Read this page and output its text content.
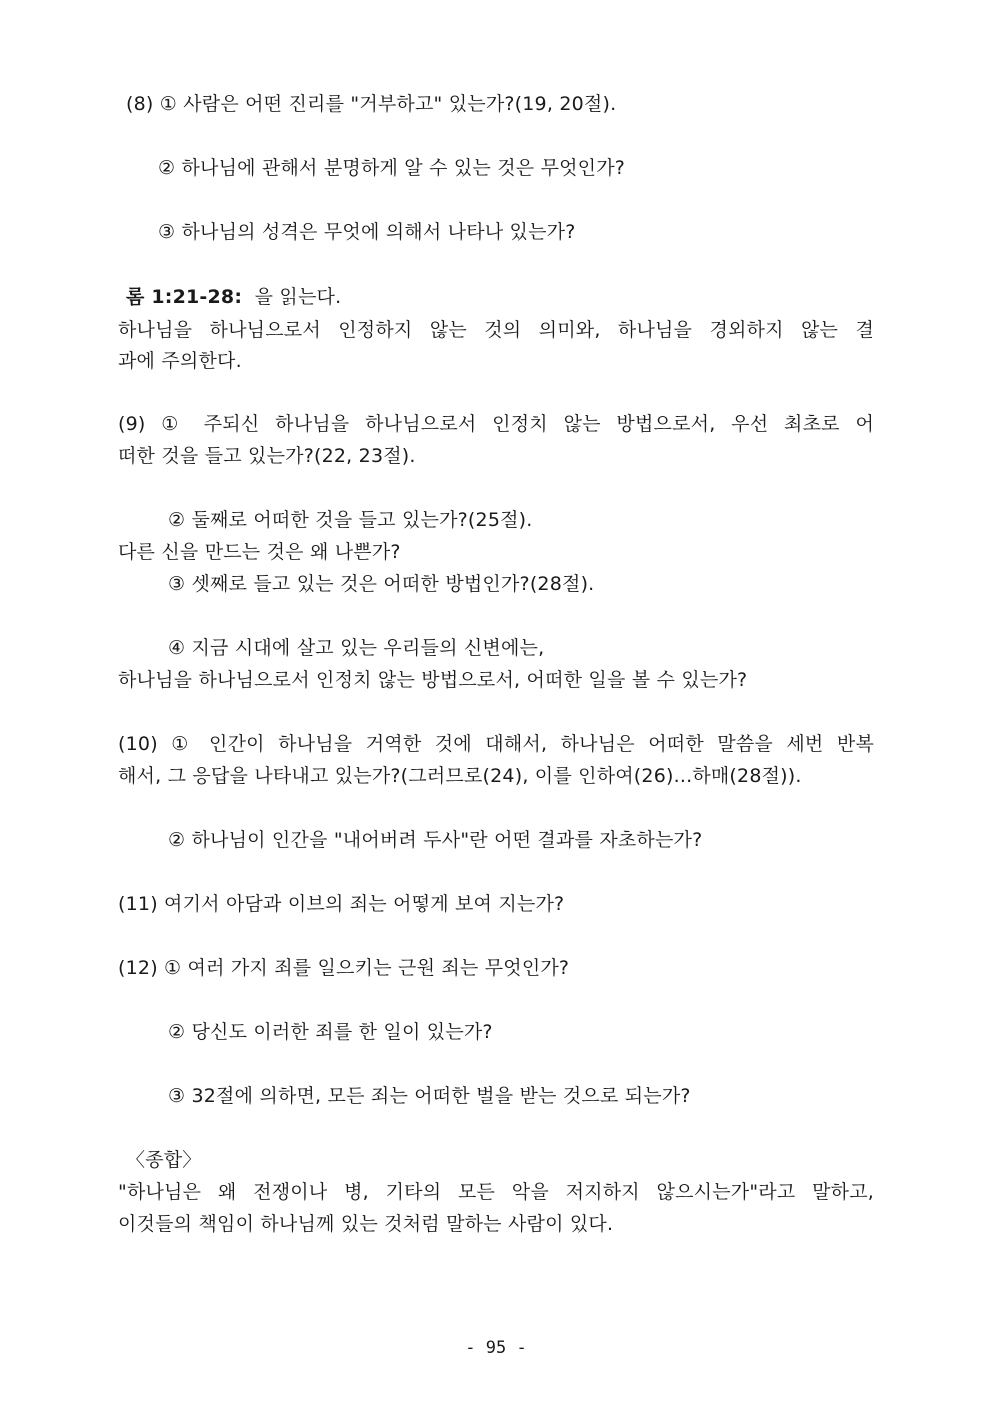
(8) ① 사람은 어떤 진리를 "거부하고" 있는가?(19, 20절).
② 하나님에 관해서 분명하게 알 수 있는 것은 무엇인가?
③ 하나님의 성격은 무엇에 의해서 나타나 있는가?
롬 1:21-28: 을 읽는다.
하나님을 하나님으로서 인정하지 않는 것의 의미와, 하나님을 경외하지 않는 결
과에 주의한다.
(9) ① 주되신 하나님을 하나님으로서 인정치 않는 방법으로서, 우선 최초로 어
떠한 것을 들고 있는가?(22, 23절).
② 둘째로 어떠한 것을 들고 있는가?(25절).
다른 신을 만드는 것은 왜 나쁜가?
③ 셋째로 들고 있는 것은 어떠한 방법인가?(28절).
④ 지금 시대에 살고 있는 우리들의 신변에는,
하나님을 하나님으로서 인정치 않는 방법으로서, 어떠한 일을 볼 수 있는가?
(10) ① 인간이 하나님을 거역한 것에 대해서, 하나님은 어떠한 말씀을 세번 반복
해서, 그 응답을 나타내고 있는가?(그러므로(24), 이를 인하여(26)...하매(28절)).
② 하나님이 인간을 "내어버려 두사"란 어떤 결과를 자초하는가?
(11) 여기서 아담과 이브의 죄는 어떻게 보여 지는가?
(12) ① 여러 가지 죄를 일으키는 근원 죄는 무엇인가?
② 당신도 이러한 죄를 한 일이 있는가?
③ 32절에 의하면, 모든 죄는 어떠한 벌을 받는 것으로 되는가?
〈종합〉
"하나님은 왜 전쟁이나 병, 기타의 모든 악을 저지하지 않으시는가"라고 말하고,
이것들의 책임이 하나님께 있는 것처럼 말하는 사람이 있다.
- 95 -
